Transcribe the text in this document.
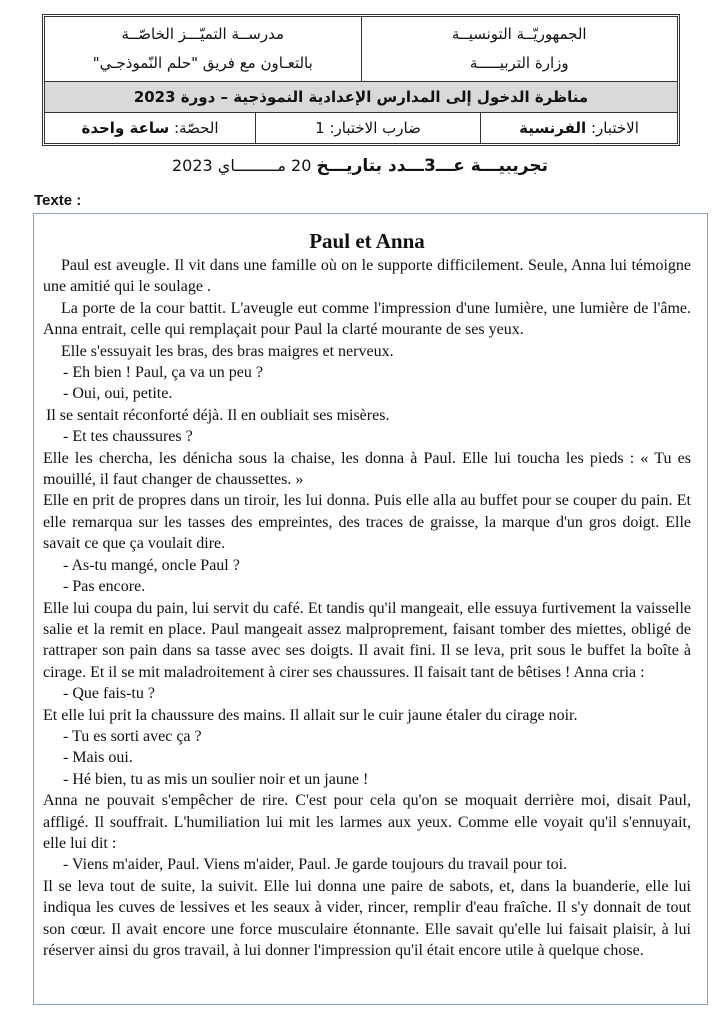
مدرســة التميّـــز الخاصّــة
بالتعـاون مع فريق "حلم النّموذجـي"
الجمهوريّــة التونسيــة
وزارة التربيـــــة
مناظرة الدخول إلى المدارس الإعدادية النموذجية – دورة 2023
الحصّة: ساعة واحدة	ضارب الاختبار: 1	الاختبار: الفرنسية
تجريبيـــة عـــ3ـــدد بتاريـــخ 20 مـــــــــاي 2023
Texte :
Paul et Anna

Paul est aveugle. Il vit dans une famille où on le supporte difficilement. Seule, Anna lui témoigne une amitié qui le soulage .

La porte de la cour battit. L'aveugle eut comme l'impression d'une lumière, une lumière de l'âme. Anna entrait, celle qui remplaçait pour Paul la clarté mourante de ses yeux.

Elle s'essuyait les bras, des bras maigres et nerveux.

- Eh bien ! Paul, ça va un peu ?

- Oui, oui, petite.

Il se sentait réconforté déjà. Il en oubliait ses misères.

- Et tes chaussures ?

Elle les chercha, les dénicha sous la chaise, les donna à Paul. Elle lui toucha les pieds : « Tu es mouillé, il faut changer de chaussettes. »

Elle en prit de propres dans un tiroir, les lui donna. Puis elle alla au buffet pour se couper du pain. Et elle remarqua sur les tasses des empreintes, des traces de graisse, la marque d'un gros doigt. Elle savait ce que ça voulait dire.

- As-tu mangé, oncle Paul ?

- Pas encore.

Elle lui coupa du pain, lui servit du café. Et tandis qu'il mangeait, elle essuya furtivement la vaisselle salie et la remit en place. Paul mangeait assez malproprement, faisant tomber des miettes, obligé de rattraper son pain dans sa tasse avec ses doigts. Il avait fini. Il se leva, prit sous le buffet la boîte à cirage. Et il se mit maladroitement à cirer ses chaussures. Il faisait tant de bêtises ! Anna cria :

- Que fais-tu ?

Et elle lui prit la chaussure des mains. Il allait sur le cuir jaune étaler du cirage noir.

- Tu es sorti avec ça ?

- Mais oui.

- Hé bien, tu as mis un soulier noir et un jaune !

Anna ne pouvait s'empêcher de rire. C'est pour cela qu'on se moquait derrière moi, disait Paul, affligé. Il souffrait. L'humiliation lui mit les larmes aux yeux. Comme elle voyait qu'il s'ennuyait, elle lui dit :

- Viens m'aider, Paul. Viens m'aider, Paul. Je garde toujours du travail pour toi.

Il se leva tout de suite, la suivit. Elle lui donna une paire de sabots, et, dans la buanderie, elle lui indiqua les cuves de lessives et les seaux à vider, rincer, remplir d'eau fraîche. Il s'y donnait de tout son cœur. Il avait encore une force musculaire étonnante. Elle savait qu'elle lui faisait plaisir, à lui réserver ainsi du gros travail, à lui donner l'impression qu'il était encore utile à quelque chose.
